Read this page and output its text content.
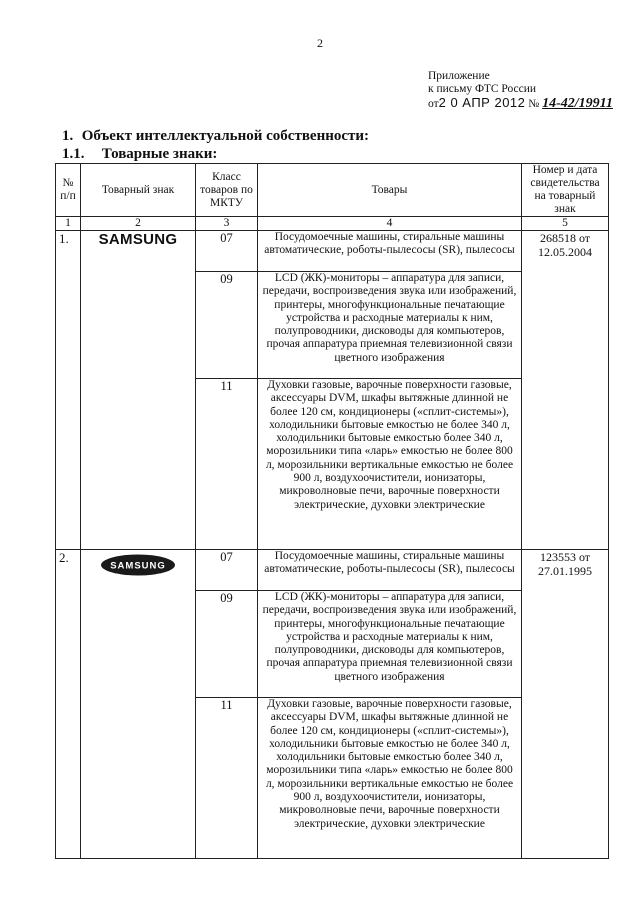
2
Приложение
к письму ФТС России
от2 0 АПР 2012 № 14-42/19911
1. Объект интеллектуальной собственности:
1.1. Товарные знаки:
№ п/п	Товарный знак	Класс товаров по МКТУ	Товары	Номер и дата свидетельства на товарный знак
1	2	3	4	5
1.	SAMSUNG	07	Посудомоечные машины, стиральные машины автоматические, роботы-пылесосы (SR), пылесосы	268518 от 12.05.2004
		09	LCD (ЖК)-мониторы – аппаратура для записи, передачи, воспроизведения звука или изображений, принтеры, многофункциональные печатающие устройства и расходные материалы к ним, полупроводники, дисководы для компьютеров, прочая аппаратура приемная телевизионной связи цветного изображения	
		11	Духовки газовые, варочные поверхности газовые, аксессуары DVM, шкафы вытяжные длинной не более 120 см, кондиционеры («сплит-системы»), холодильники бытовые емкостью не более 340 л, холодильники бытовые емкостью более 340 л, морозильники типа «ларь» емкостью не более 800 л, морозильники вертикальные емкостью не более 900 л, воздухоочистители, ионизаторы, микроволновые печи, варочные поверхности электрические, духовки электрические	
2.	SAMSUNG	07	Посудомоечные машины, стиральные машины автоматические, роботы-пылесосы (SR), пылесосы	123553 от 27.01.1995
		09	LCD (ЖК)-мониторы – аппаратура для записи, передачи, воспроизведения звука или изображений, принтеры, многофункциональные печатающие устройства и расходные материалы к ним, полупроводники, дисководы для компьютеров, прочая аппаратура приемная телевизионной связи цветного изображения	
		11	Духовки газовые, варочные поверхности газовые, аксессуары DVM, шкафы вытяжные длинной не более 120 см, кондиционеры («сплит-системы»), холодильники бытовые емкостью не более 340 л, холодильники бытовые емкостью более 340 л, морозильники типа «ларь» емкостью не более 800 л, морозильники вертикальные емкостью не более 900 л, воздухоочистители, ионизаторы, микроволновые печи, варочные поверхности электрические, духовки электрические	
